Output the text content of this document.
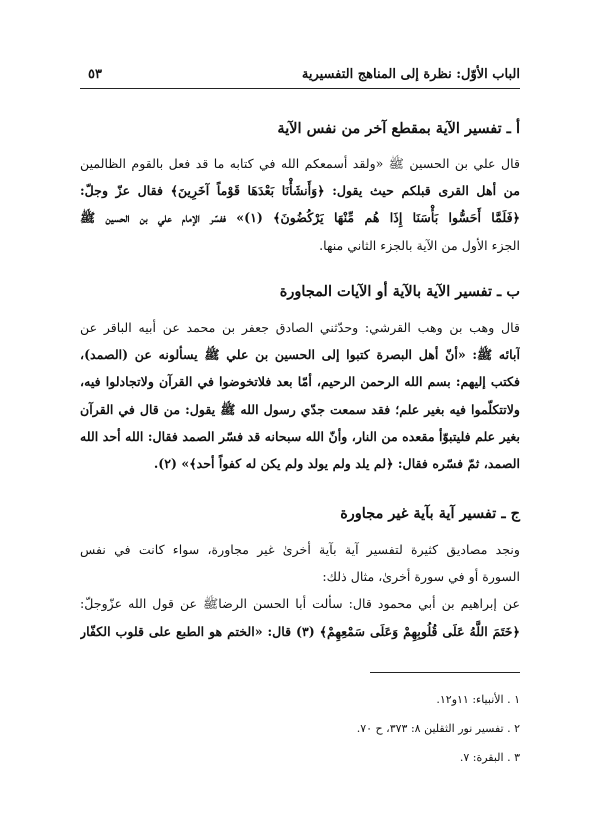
الباب الأوّل: نظرة إلى المناهج التفسيرية
٥٣
أ ـ تفسير الآية بمقطع آخر من نفس الآية
قال علي بن الحسين ﷺ «ولقد أسمعكم الله في كتابه ما قد فعل بالقوم الظالمين
من أهل القرى قبلكم حيث يقول: ﴿وَأَنشَأْنَا بَعْدَهَا قَوْماً آخَرِينَ﴾ فقال عزّ وجلّ:
﴿فَلَمَّا أَحَسُّوا بَأْسَنَا إِذَا هُم مِّنْهَا يَرْكُضُونَ﴾ (١)» ففسّر الإمام علي بن الحسين ﷺ
الجزء الأول من الآية بالجزء الثاني منها.
ب ـ تفسير الآية بالآية أو الآيات المجاورة
قال وهب بن وهب القرشي: وحدّثني الصادق جعفر بن محمد عن أبيه الباقر عن
آبائه ﷺ: «أنّ أهل البصرة كتبوا إلى الحسين بن علي ﷺ يسألونه عن (الصمد)،
فكتب إليهم: بسم الله الرحمن الرحيم، أمّا بعد فلاتخوضوا في القرآن ولاتجادلوا فيه،
ولاتتكلّموا فيه بغير علم؛ فقد سمعت جدّي رسول الله ﷺ يقول: من قال في القرآن
بغير علم فليتبوّأ مقعده من النار، وأنّ الله سبحانه قد فسّر الصمد فقال: الله أحد الله
الصمد، ثمّ فسّره فقال: ﴿لم يلد ولم يولد ولم يكن له كفواً أحد﴾» (٢).
ج ـ تفسير آية بآية غير مجاورة
ونجد مصاديق كثيرة لتفسير آية بآية أخرىٰ غير مجاورة، سواء كانت في نفس
السورة أو في سورة أخرىٰ، مثال ذلك:
عن إبراهيم بن أبي محمود قال: سألت أبا الحسن الرضاﷺ عن قول الله عزّوجلّ:
﴿خَتَمَ اللَّهُ عَلَى قُلُوبِهِمْ وَعَلَى سَمْعِهِمْ﴾ (٣) قال: «الختم هو الطبع على قلوب الكفّار
١ . الأنبياء: ١١و١٢.
٢ . تفسير نور الثقلين ٨: ٣٧٣، ح ٧٠.
٣ . البقرة: ٧.
